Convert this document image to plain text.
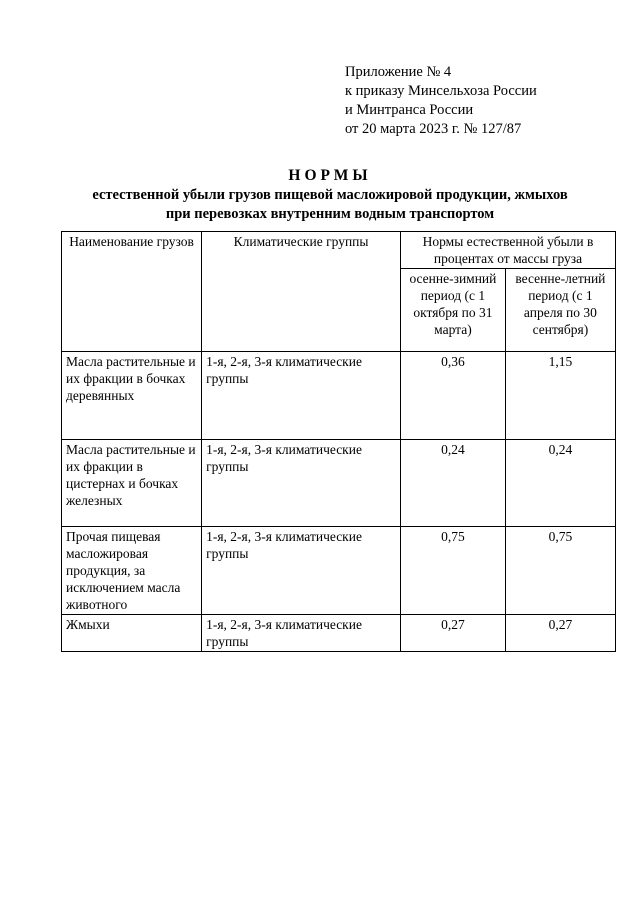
Приложение № 4
к приказу Минсельхоза России
и Минтранса России
от 20 марта 2023 г. № 127/87
НОРМЫ
естественной убыли грузов пищевой масложировой продукции, жмыхов
при перевозках внутренним водным транспортом
Наименование грузов	Климатические группы	Нормы естественной убыли в процентах от массы груза	
		осенне-зимний период (с 1 октября по 31 марта)	весенне-летний период (с 1 апреля по 30 сентября)
Масла растительные и их фракции в бочках деревянных	1-я, 2-я, 3-я климатические группы	0,36	1,15
Масла растительные и их фракции в цистернах и бочках железных	1-я, 2-я, 3-я климатические группы	0,24	0,24
Прочая пищевая масложировая продукция, за исключением масла животного	1-я, 2-я, 3-я климатические группы	0,75	0,75
Жмыхи	1-я, 2-я, 3-я климатические группы	0,27	0,27
